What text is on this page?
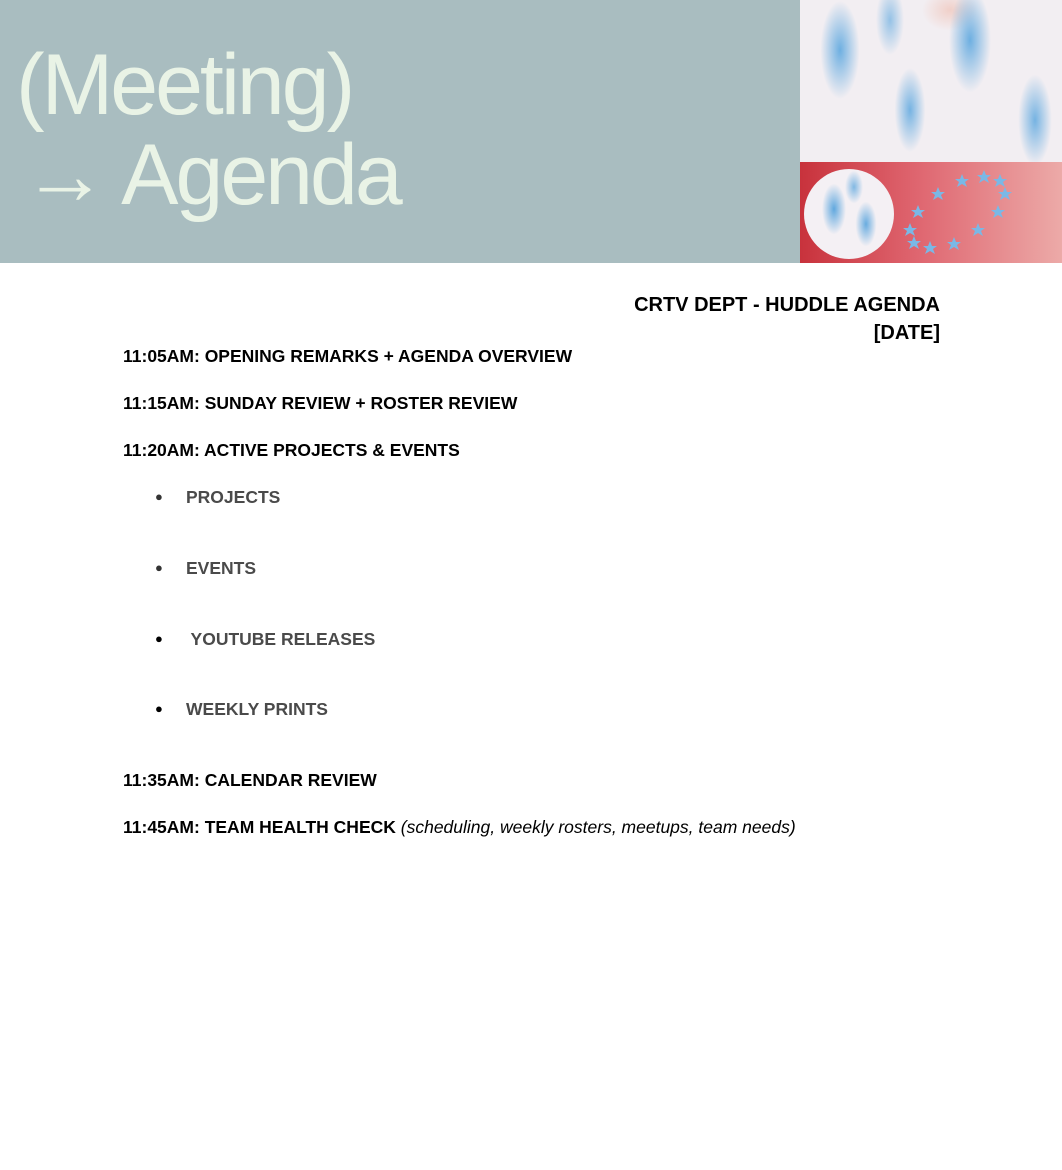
(Meeting)
→ Agenda
CRTV DEPT - HUDDLE AGENDA
[DATE]
11:05AM: OPENING REMARKS + AGENDA OVERVIEW
11:15AM: SUNDAY REVIEW + ROSTER REVIEW
11:20AM: ACTIVE PROJECTS & EVENTS
● PROJECTS
● EVENTS
● YOUTUBE RELEASES
● WEEKLY PRINTS
11:35AM: CALENDAR REVIEW
11:45AM: TEAM HEALTH CHECK (scheduling, weekly rosters, meetups, team needs)
